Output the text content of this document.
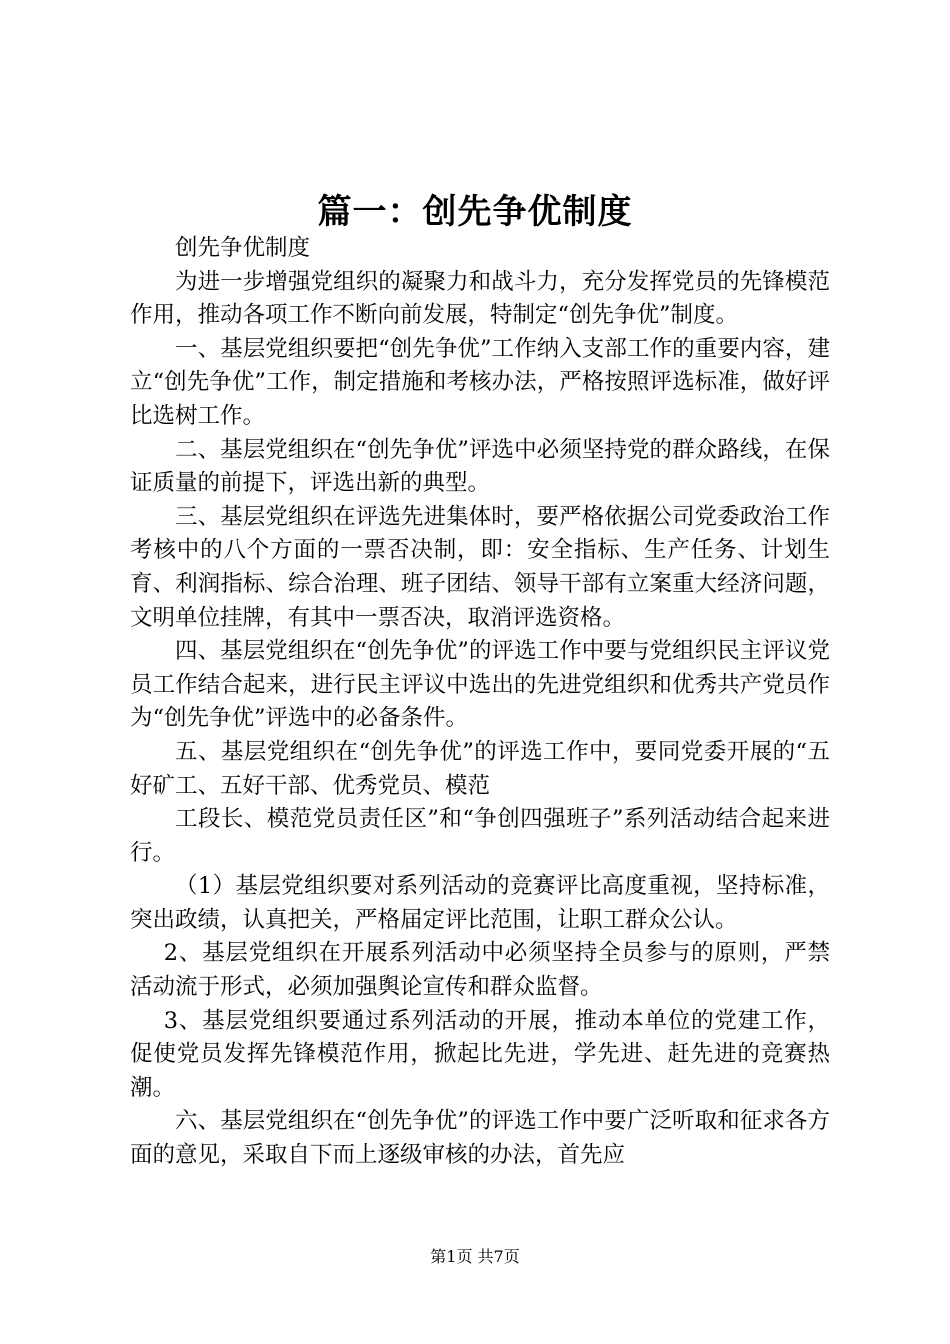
篇一：创先争优制度

创先争优制度

为进一步增强党组织的凝聚力和战斗力，充分发挥党员的先锋模范作用，推动各项工作不断向前发展，特制定“创先争优”制度。

一、基层党组织要把“创先争优”工作纳入支部工作的重要内容，建立“创先争优”工作，制定措施和考核办法，严格按照评选标准，做好评比选树工作。

二、基层党组织在“创先争优”评选中必须坚持党的群众路线，在保证质量的前提下，评选出新的典型。

三、基层党组织在评选先进集体时，要严格依据公司党委政治工作考核中的八个方面的一票否决制，即：安全指标、生产任务、计划生育、利润指标、综合治理、班子团结、领导干部有立案重大经济问题，文明单位挂牌，有其中一票否决，取消评选资格。

四、基层党组织在“创先争优”的评选工作中要与党组织民主评议党员工作结合起来，进行民主评议中选出的先进党组织和优秀共产党员作为“创先争优”评选中的必备条件。

五、基层党组织在“创先争优”的评选工作中，要同党委开展的“五好矿工、五好干部、优秀党员、模范

工段长、模范党员责任区”和“争创四强班子”系列活动结合起来进行。

（1）基层党组织要对系列活动的竞赛评比高度重视，坚持标准，突出政绩，认真把关，严格届定评比范围，让职工群众公认。

2、基层党组织在开展系列活动中必须坚持全员参与的原则，严禁活动流于形式，必须加强舆论宣传和群众监督。

3、基层党组织要通过系列活动的开展，推动本单位的党建工作，促使党员发挥先锋模范作用，掀起比先进，学先进、赶先进的竞赛热潮。

六、基层党组织在“创先争优”的评选工作中要广泛听取和征求各方面的意见，采取自下而上逐级审核的办法，首先应

第1页 共7页
